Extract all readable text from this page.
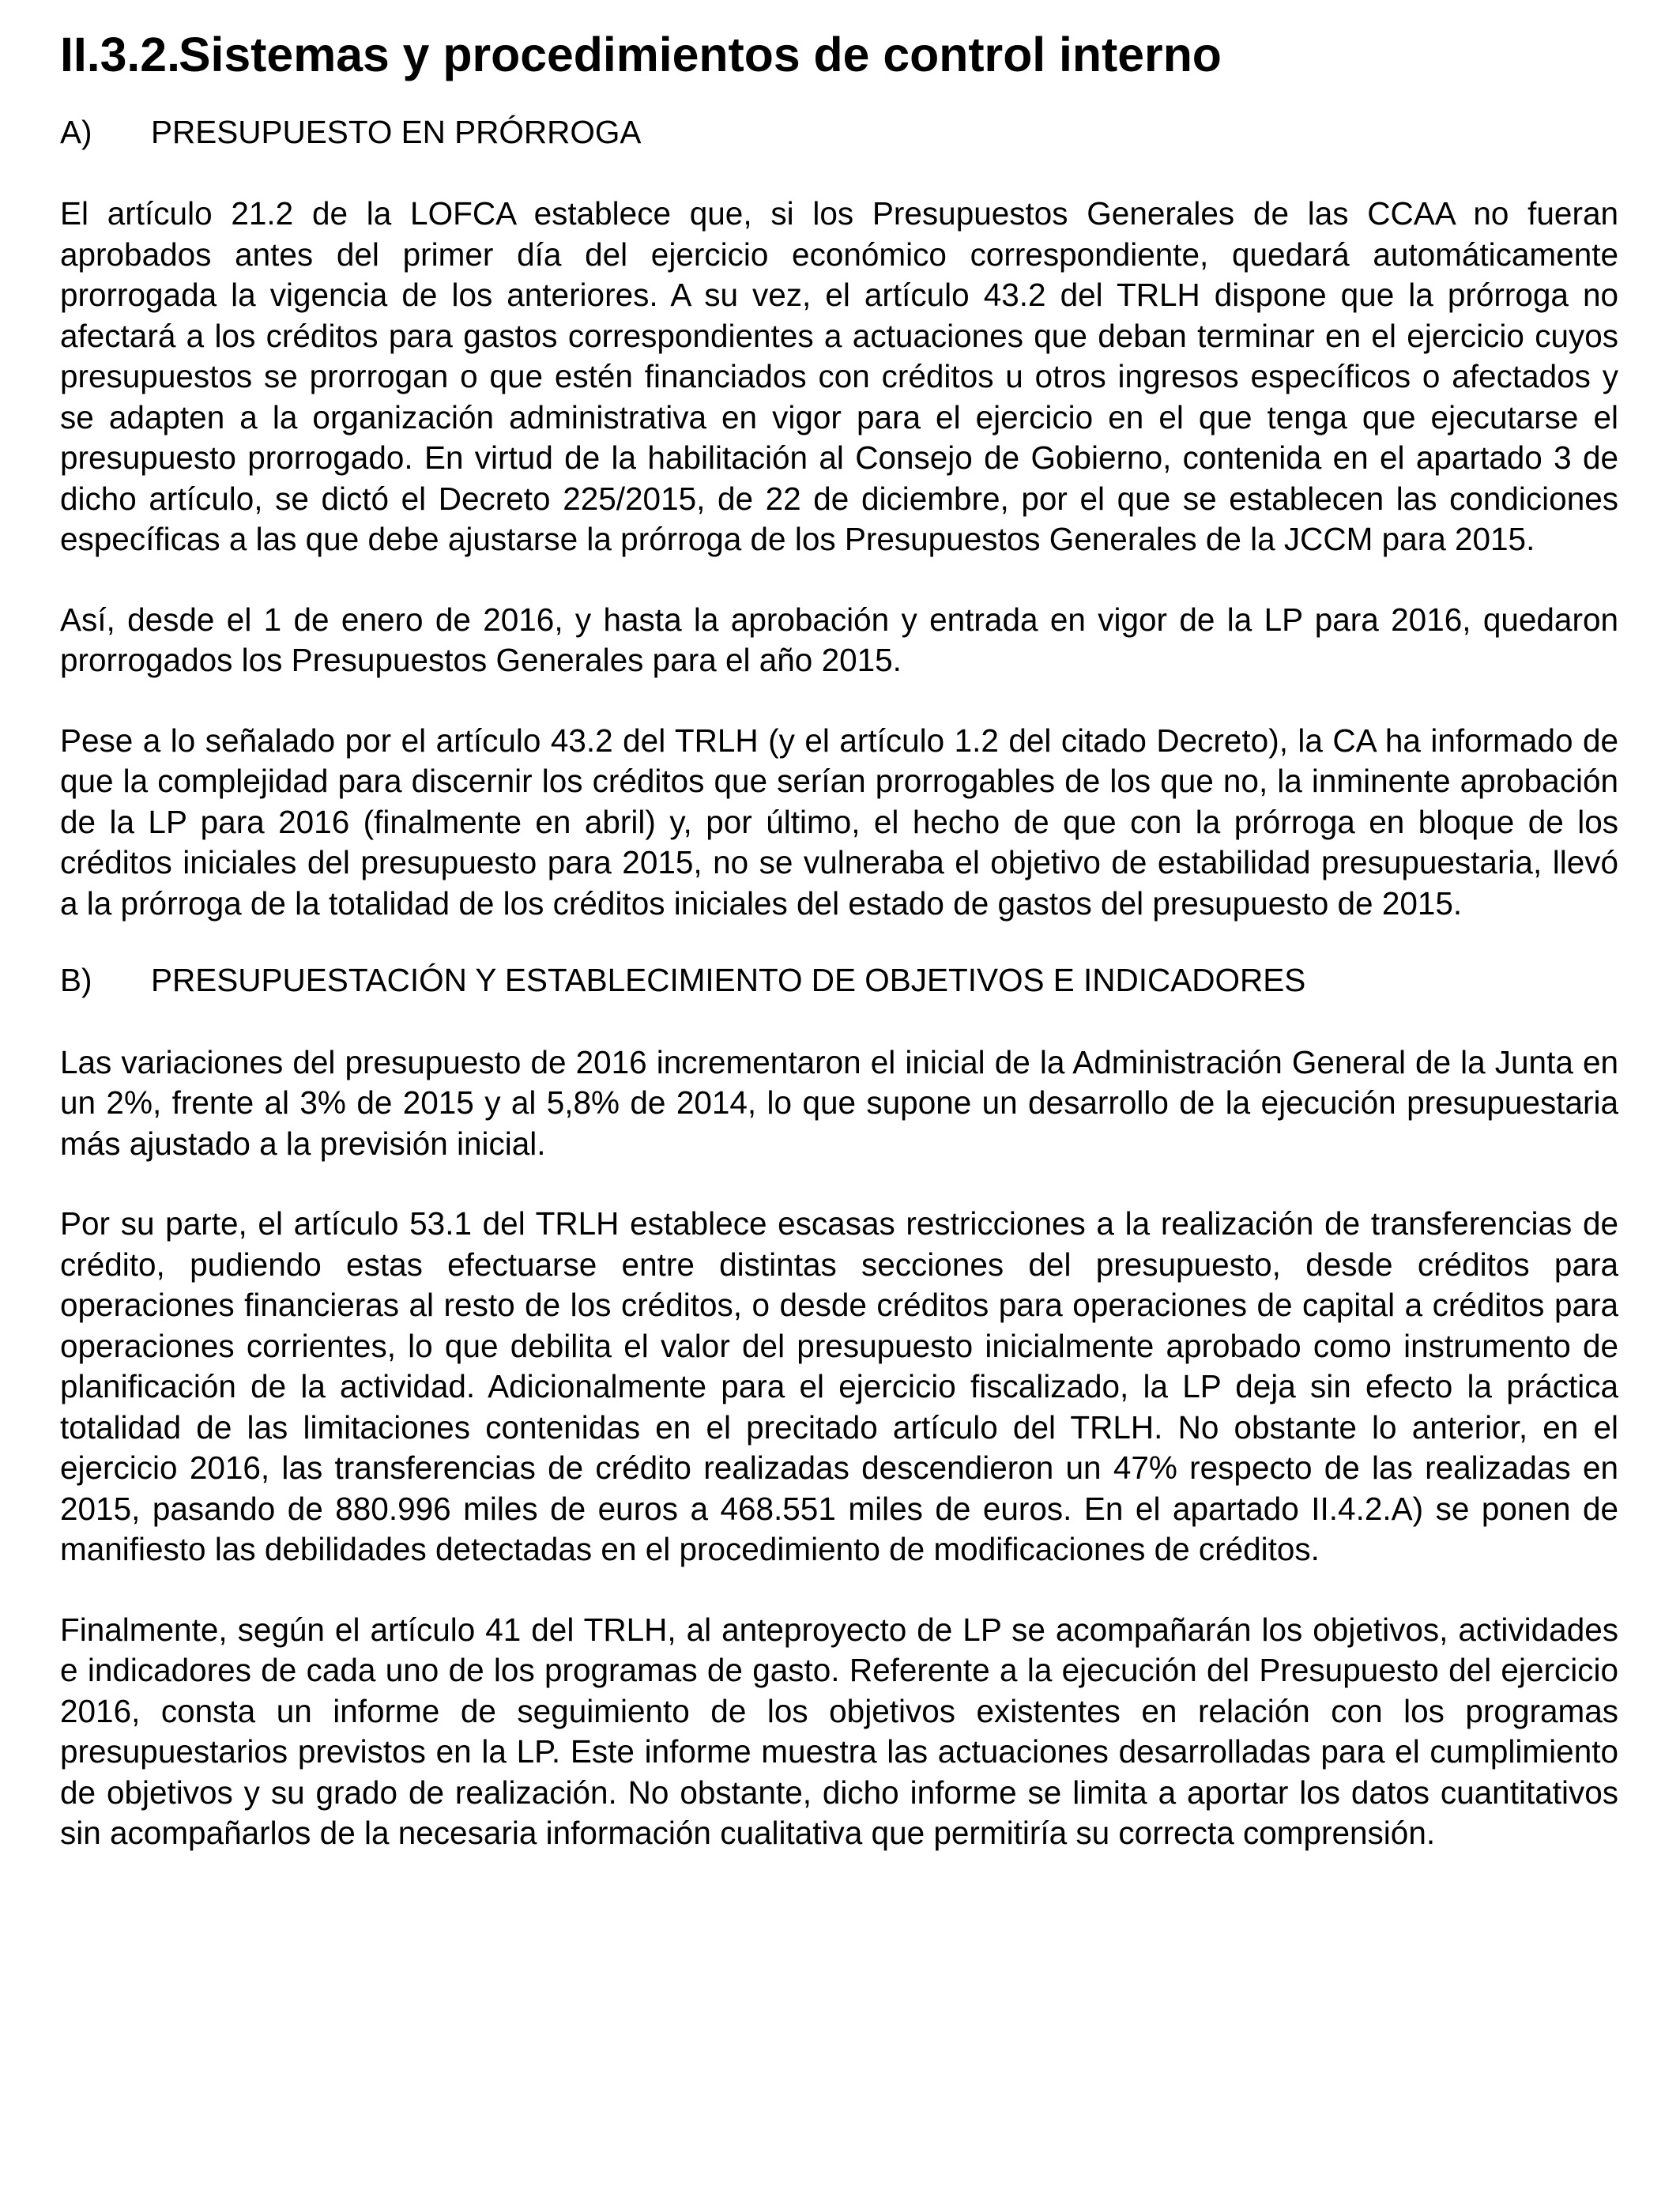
II.3.2.
Sistemas y procedimientos de control interno
A)	PRESUPUESTO EN PRÓRROGA

El artículo 21.2 de la LOFCA establece que, si los Presupuestos Generales de las CCAA no fueran aprobados antes del primer día del ejercicio económico correspondiente, quedará automáticamente prorrogada la vigencia de los anteriores. A su vez, el artículo 43.2 del TRLH dispone que la prórroga no afectará a los créditos para gastos correspondientes a actuaciones que deban terminar en el ejercicio cuyos presupuestos se prorrogan o que estén financiados con créditos u otros ingresos específicos o afectados y se adapten a la organización administrativa en vigor para el ejercicio en el que tenga que ejecutarse el presupuesto prorrogado. En virtud de la habilitación al Consejo de Gobierno, contenida en el apartado 3 de dicho artículo, se dictó el Decreto 225/2015, de 22 de diciembre, por el que se establecen las condiciones específicas a las que debe ajustarse la prórroga de los Presupuestos Generales de la JCCM para 2015.

Así, desde el 1 de enero de 2016, y hasta la aprobación y entrada en vigor de la LP para 2016, quedaron prorrogados los Presupuestos Generales para el año 2015.

Pese a lo señalado por el artículo 43.2 del TRLH (y el artículo 1.2 del citado Decreto), la CA ha informado de que la complejidad para discernir los créditos que serían prorrogables de los que no, la inminente aprobación de la LP para 2016 (finalmente en abril) y, por último, el hecho de que con la prórroga en bloque de los créditos iniciales del presupuesto para 2015, no se vulneraba el objetivo de estabilidad presupuestaria, llevó a la prórroga de la totalidad de los créditos iniciales del estado de gastos del presupuesto de 2015.

B)	PRESUPUESTACIÓN Y ESTABLECIMIENTO DE OBJETIVOS E INDICADORES

Las variaciones del presupuesto de 2016 incrementaron el inicial de la Administración General de la Junta en un 2%, frente al 3% de 2015 y al 5,8% de 2014, lo que supone un desarrollo de la ejecución presupuestaria más ajustado a la previsión inicial.

Por su parte, el artículo 53.1 del TRLH establece escasas restricciones a la realización de transferencias de crédito, pudiendo estas efectuarse entre distintas secciones del presupuesto, desde créditos para operaciones financieras al resto de los créditos, o desde créditos para operaciones de capital a créditos para operaciones corrientes, lo que debilita el valor del presupuesto inicialmente aprobado como instrumento de planificación de la actividad. Adicionalmente para el ejercicio fiscalizado, la LP deja sin efecto la práctica totalidad de las limitaciones contenidas en el precitado artículo del TRLH. No obstante lo anterior, en el ejercicio 2016, las transferencias de crédito realizadas descendieron un 47% respecto de las realizadas en 2015, pasando de 880.996 miles de euros a 468.551 miles de euros. En el apartado II.4.2.A) se ponen de manifiesto las debilidades detectadas en el procedimiento de modificaciones de créditos.

Finalmente, según el artículo 41 del TRLH, al anteproyecto de LP se acompañarán los objetivos, actividades e indicadores de cada uno de los programas de gasto. Referente a la ejecución del Presupuesto del ejercicio 2016, consta un informe de seguimiento de los objetivos existentes en relación con los programas presupuestarios previstos en la LP. Este informe muestra las actuaciones desarrolladas para el cumplimiento de objetivos y su grado de realización. No obstante, dicho informe se limita a aportar los datos cuantitativos sin acompañarlos de la necesaria información cualitativa que permitiría su correcta comprensión.
